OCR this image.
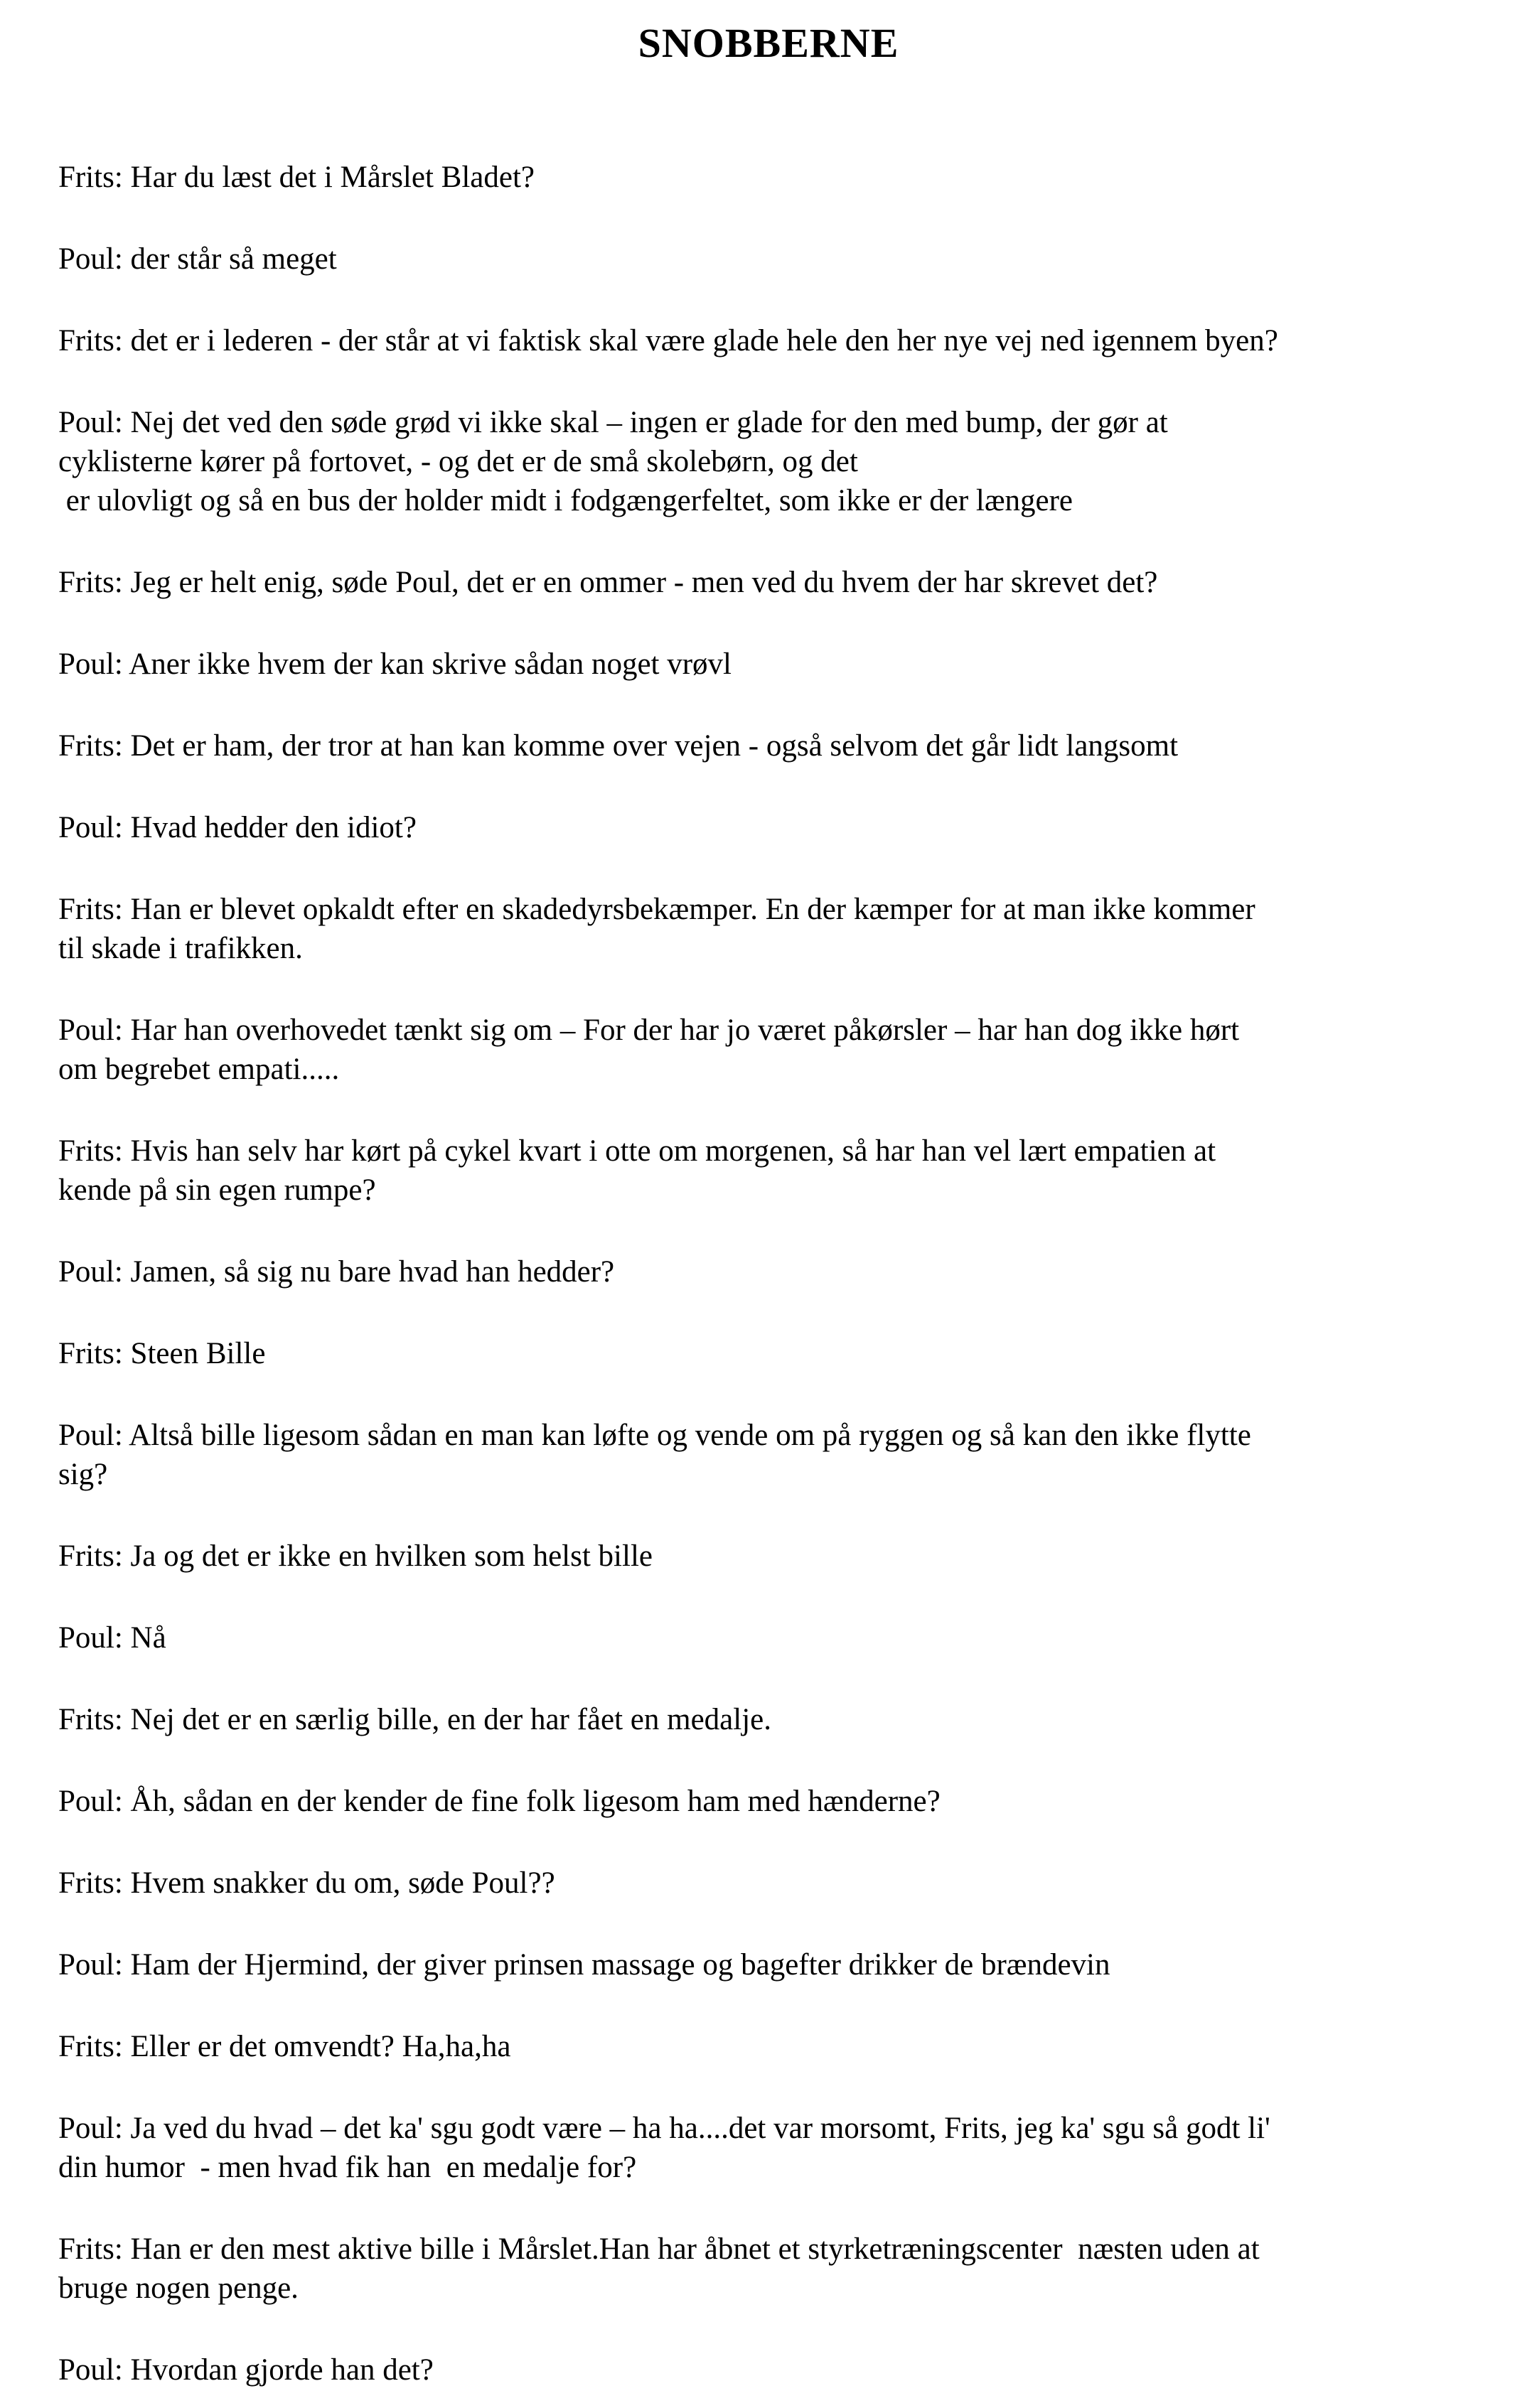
SNOBBERNE
Frits: Har du læst det i Mårslet Bladet?
Poul: der står så meget
Frits: det er i lederen - der står at vi faktisk skal være glade hele den her nye vej ned igennem byen?
Poul: Nej det ved den søde grød vi ikke skal – ingen er glade for den med bump, der gør at
cyklisterne kører på fortovet, - og det er de små skolebørn, og det
er ulovligt og så en bus der holder midt i fodgængerfeltet, som ikke er der længere
Frits: Jeg er helt enig, søde Poul, det er en ommer - men ved du hvem der har skrevet det?
Poul: Aner ikke hvem der kan skrive sådan noget vrøvl
Frits: Det er ham, der tror at han kan komme over vejen - også selvom det går lidt langsomt
Poul: Hvad hedder den idiot?
Frits: Han er blevet opkaldt efter en skadedyrsbekæmper. En der kæmper for at man ikke kommer
til skade i trafikken.
Poul: Har han overhovedet tænkt sig om – For der har jo været påkørsler – har han dog ikke hørt
om begrebet empati.....
Frits: Hvis han selv har kørt på cykel kvart i otte om morgenen, så har han vel lært empatien at
kende på sin egen rumpe?
Poul: Jamen, så sig nu bare hvad han hedder?
Frits: Steen Bille
Poul: Altså bille ligesom sådan en man kan løfte og vende om på ryggen og så kan den ikke flytte
sig?
Frits: Ja og det er ikke en hvilken som helst bille
Poul: Nå
Frits: Nej det er en særlig bille, en der har fået en medalje.
Poul: Åh, sådan en der kender de fine folk ligesom ham med hænderne?
Frits: Hvem snakker du om, søde Poul??
Poul: Ham der Hjermind, der giver prinsen massage og bagefter drikker de brændevin
Frits: Eller er det omvendt? Ha,ha,ha
Poul: Ja ved du hvad – det ka' sgu godt være – ha ha....det var morsomt, Frits, jeg ka' sgu så godt li'
din humor  - men hvad fik han  en medalje for?
Frits: Han er den mest aktive bille i Mårslet.Han har åbnet et styrketræningscenter  næsten uden at
bruge nogen penge.
Poul: Hvordan gjorde han det?
